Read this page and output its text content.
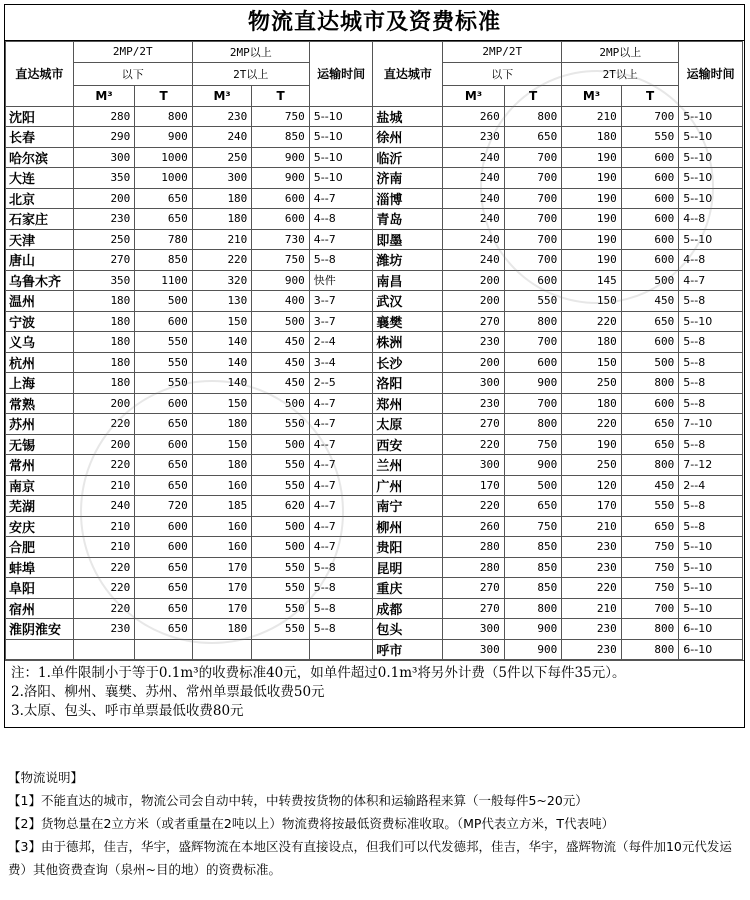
物流直达城市及资费标准
直达城市	2MP/2T		2MP以上		运输时间	直达城市	2MP/2T		2MP以上		运输时间
	以下		2T以上				以下		2T以上		
	M³	T	M³	T			M³	T	M³	T	
沈阳	280	800	230	750	5--10	盐城	260	800	210	700	5--10
长春	290	900	240	850	5--10	徐州	230	650	180	550	5--10
哈尔滨	300	1000	250	900	5--10	临沂	240	700	190	600	5--10
大连	350	1000	300	900	5--10	济南	240	700	190	600	5--10
北京	200	650	180	600	4--7	淄博	240	700	190	600	5--10
石家庄	230	650	180	600	4--8	青岛	240	700	190	600	4--8
天津	250	780	210	730	4--7	即墨	240	700	190	600	5--10
唐山	270	850	220	750	5--8	潍坊	240	700	190	600	4--8
乌鲁木齐	350	1100	320	900	快件	南昌	200	600	145	500	4--7
温州	180	500	130	400	3--7	武汉	200	550	150	450	5--8
宁波	180	600	150	500	3--7	襄樊	270	800	220	650	5--10
义乌	180	550	140	450	2--4	株洲	230	700	180	600	5--8
杭州	180	550	140	450	3--4	长沙	200	600	150	500	5--8
上海	180	550	140	450	2--5	洛阳	300	900	250	800	5--8
常熟	200	600	150	500	4--7	郑州	230	700	180	600	5--8
苏州	220	650	180	550	4--7	太原	270	800	220	650	7--10
无锡	200	600	150	500	4--7	西安	220	750	190	650	5--8
常州	220	650	180	550	4--7	兰州	300	900	250	800	7--12
南京	210	650	160	550	4--7	广州	170	500	120	450	2--4
芜湖	240	720	185	620	4--7	南宁	220	650	170	550	5--8
安庆	210	600	160	500	4--7	柳州	260	750	210	650	5--8
合肥	210	600	160	500	4--7	贵阳	280	850	230	750	5--10
蚌埠	220	650	170	550	5--8	昆明	280	850	230	750	5--10
阜阳	220	650	170	550	5--8	重庆	270	850	220	750	5--10
宿州	220	650	170	550	5--8	成都	270	800	210	700	5--10
淮阴淮安	230	650	180	550	5--8	包头	300	900	230	800	6--10
						呼市	300	900	230	800	6--10
注：1.单件限制小于等于0.1m³的收费标准40元，如单件超过0.1m³将另外计费（5件以下每件35元）。
2.洛阳、柳州、襄樊、苏州、常州单票最低收费50元
3.太原、包头、呼市单票最低收费80元
【物流说明】
【1】不能直达的城市，物流公司会自动中转，中转费按货物的体积和运输路程来算（一般每件5~20元）
【2】货物总量在2立方米（或者重量在2吨以上）物流费将按最低资费标准收取。（MP代表立方米，T代表吨）
【3】由于德邦，佳吉，华宇，盛辉物流在本地区没有直接设点，但我们可以代发德邦，佳吉，华宇，盛辉物流（每件加10元代发运费）其他资费查询（泉州~目的地）的资费标准。
